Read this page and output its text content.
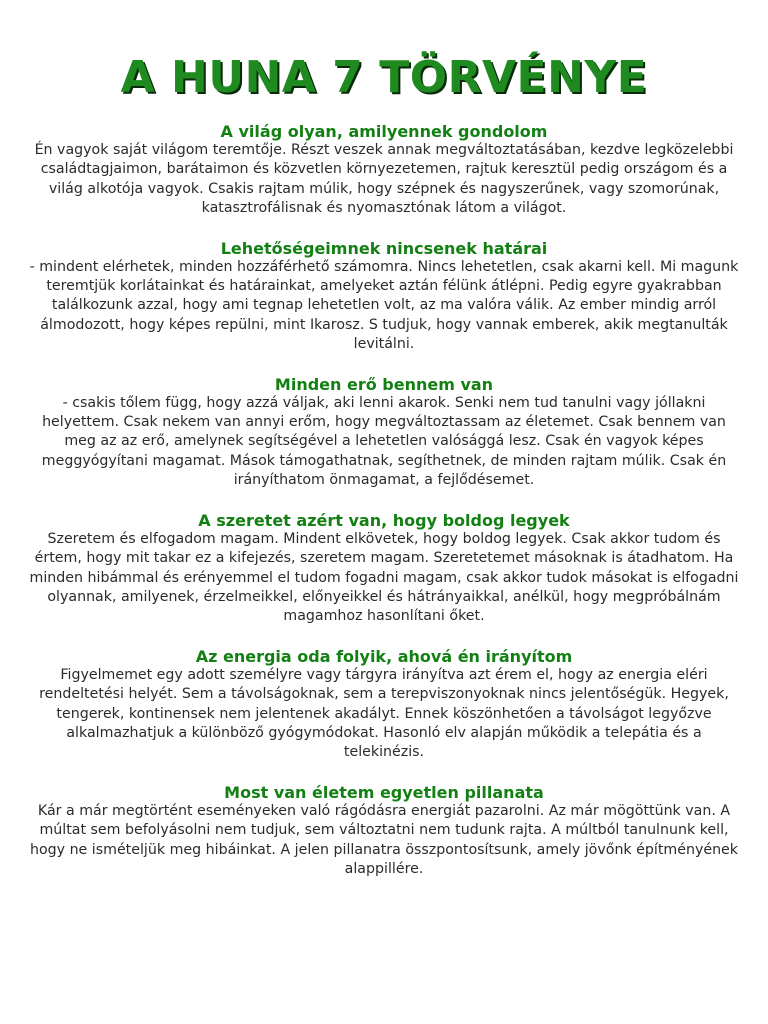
A HUNA 7 TÖRVÉNYE
A világ olyan, amilyennek gondolom

Én vagyok saját világom teremtője. Részt veszek annak megváltoztatásában, kezdve legközelebbi családtagjaimon, barátaimon és közvetlen környezetemen, rajtuk keresztül pedig országom és a világ alkotója vagyok. Csakis rajtam múlik, hogy szépnek és nagyszerűnek, vagy szomorúnak, katasztrofálisnak és nyomasztónak látom a világot.

Lehetőségeimnek nincsenek határai

- mindent elérhetek, minden hozzáférhető számomra. Nincs lehetetlen, csak akarni kell. Mi magunk teremtjük korlátainkat és határainkat, amelyeket aztán félünk átlépni. Pedig egyre gyakrabban találkozunk azzal, hogy ami tegnap lehetetlen volt, az ma valóra válik. Az ember mindig arról álmodozott, hogy képes repülni, mint Ikarosz. S tudjuk, hogy vannak emberek, akik megtanulták levitálni.

Minden erő bennem van

- csakis tőlem függ, hogy azzá váljak, aki lenni akarok. Senki nem tud tanulni vagy jóllakni helyettem. Csak nekem van annyi erőm, hogy megváltoztassam az életemet. Csak bennem van meg az az erő, amelynek segítségével a lehetetlen valósággá lesz. Csak én vagyok képes meggyógyítani magamat. Mások támogathatnak, segíthetnek, de minden rajtam múlik. Csak én irányíthatom önmagamat, a fejlődésemet.

A szeretet azért van, hogy boldog legyek

Szeretem és elfogadom magam. Mindent elkövetek, hogy boldog legyek. Csak akkor tudom és értem, hogy mit takar ez a kifejezés, szeretem magam. Szeretetemet másoknak is átadhatom. Ha minden hibámmal és erényemmel el tudom fogadni magam, csak akkor tudok másokat is elfogadni olyannak, amilyenek, érzelmeikkel, előnyeikkel és hátrányaikkal, anélkül, hogy megpróbálnám magamhoz hasonlítani őket.

Az energia oda folyik, ahová én irányítom

Figyelmemet egy adott személyre vagy tárgyra irányítva azt érem el, hogy az energia eléri rendeltetési helyét. Sem a távolságoknak, sem a terepviszonyoknak nincs jelentőségük. Hegyek, tengerek, kontinensek nem jelentenek akadályt. Ennek köszönhetően a távolságot legyőzve alkalmazhatjuk a különböző gyógymódokat. Hasonló elv alapján működik a telepátia és a telekinézis.

Most van életem egyetlen pillanata

Kár a már megtörtént eseményeken való rágódásra energiát pazarolni. Az már mögöttünk van. A múltat sem befolyásolni nem tudjuk, sem változtatni nem tudunk rajta. A múltból tanulnunk kell, hogy ne ismételjük meg hibáinkat. A jelen pillanatra összpontosítsunk, amely jövőnk építményének alappillére.
